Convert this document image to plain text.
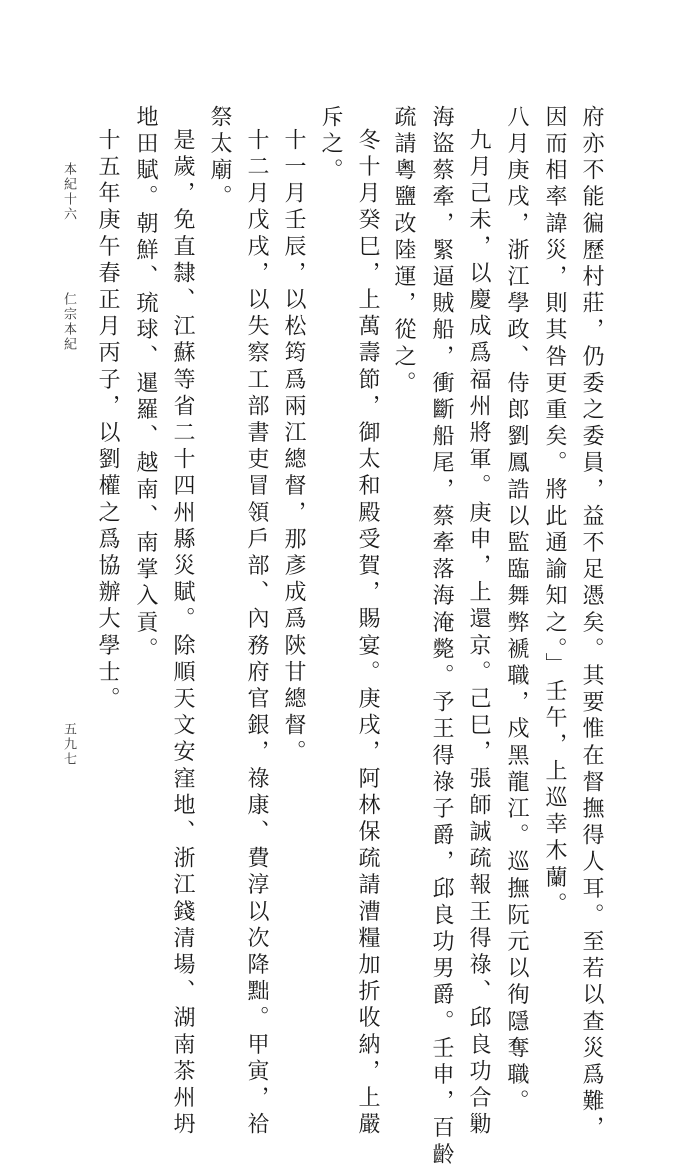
本紀十六
仁宗本紀	府亦不能徧歷村莊，仍委之委員，益不足憑矣。其要惟在督撫得人耳。至若以查災爲難，
因而相率諱災，則其咎更重矣。將此通諭知之。」壬午，上巡幸木蘭。
八月庚戌，浙江學政、侍郎劉鳳誥以監臨舞弊褫職，戍黑龍江。巡撫阮元以徇隱奪職。
九月己未，以慶成爲福州將軍。庚申，上還京。己巳，張師誠疏報王得祿、邱良功合勦
海盜蔡牽，緊逼賊船，衝斷船尾，蔡牽落海淹斃。予王得祿子爵，邱良功男爵。壬申，百齡
疏請粵鹽改陸運，從之。
冬十月癸巳，上萬壽節，御太和殿受賀，賜宴。庚戌，阿林保疏請漕糧加折收納，上嚴
斥之。
十一月壬辰，以松筠爲兩江總督，那彥成爲陝甘總督。
十二月戊戌，以失察工部書吏冒領戶部、內務府官銀，祿康、費淳以次降黜。甲寅，祫
祭太廟。
是歲，免直隸、江蘇等省二十四州縣災賦。除順天文安窪地、浙江錢清場、湖南茶州坍
地田賦。朝鮮、琉球、暹羅、越南、南掌入貢。
十五年庚午春正月丙子，以劉權之爲協辦大學士。
五九七
